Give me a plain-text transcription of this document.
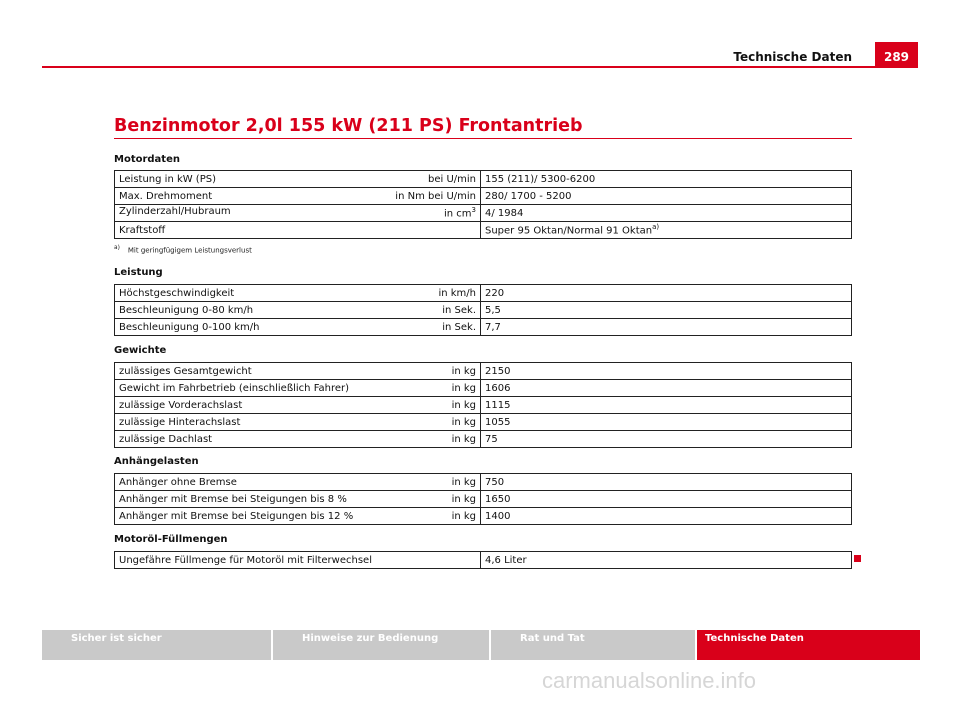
Technische Daten	289
Benzinmotor 2,0l 155 kW (211 PS) Frontantrieb
Motordaten
Leistung in kW (PS) bei U/min	155 (211)/ 5300-6200
Max. Drehmoment in Nm bei U/min	280/ 1700 - 5200
Zylinderzahl/Hubraum in $cm^3$	4/ 1984
Kraftstoff	Super 95 Oktan/Normal 91 Oktan$^{a)}$
$^{a)}$ Mit geringfügigem Leistungsverlust
Leistung
Höchstgeschwindigkeit in km/h	220
Beschleunigung 0-80 km/h in Sek.	5,5
Beschleunigung 0-100 km/h in Sek.	7,7
Gewichte
zulässiges Gesamtgewicht in kg	2150
Gewicht im Fahrbetrieb (einschließlich Fahrer) in kg	1606
zulässige Vorderachslast in kg	1115
zulässige Hinterachslast in kg	1055
zulässige Dachlast in kg	75
Anhängelasten
Anhänger ohne Bremse in kg	750
Anhänger mit Bremse bei Steigungen bis 8 % in kg	1650
Anhänger mit Bremse bei Steigungen bis 12 % in kg	1400
Motoröl-Füllmengen
Ungefähre Füllmenge für Motoröl mit Filterwechsel	4,6 Liter
Sicher ist sicher	Hinweise zur Bedienung	Rat und Tat	Technische Daten
carmanualsonline.info
